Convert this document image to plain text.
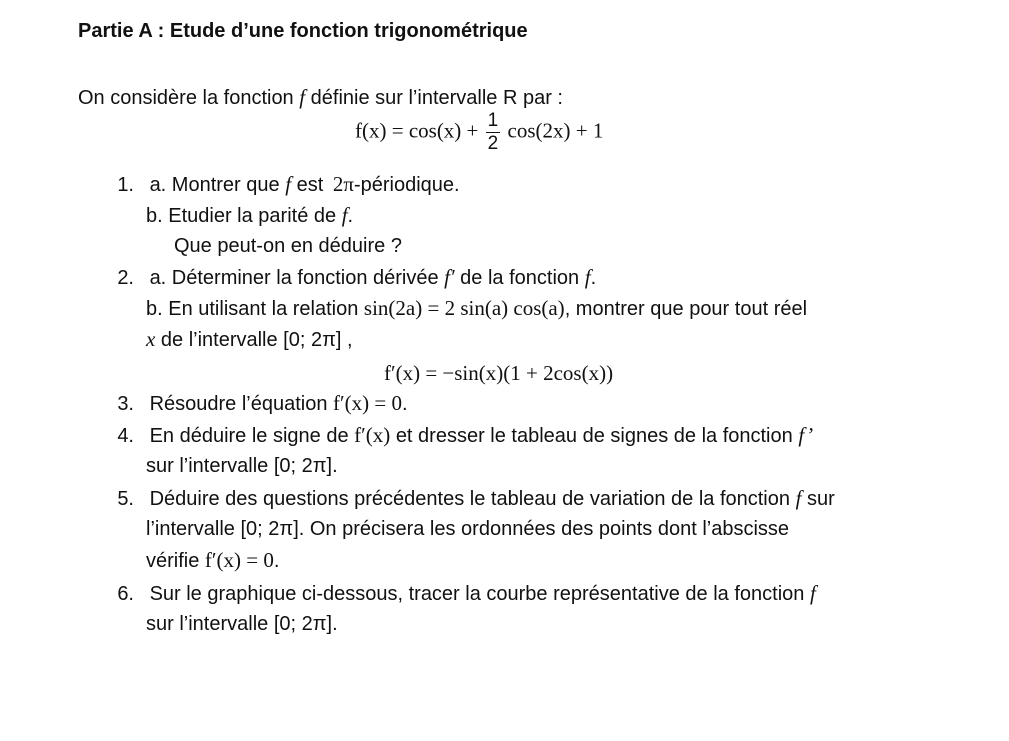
Partie A : Etude d’une fonction trigonométrique
On considère la fonction f définie sur l’intervalle R par :
$f(x) = \cos(x) + \frac{1}{2} \cos(2x) + 1$
1. a. Montrer que f est 2π-périodique.
b. Etudier la parité de f.
Que peut-on en déduire ?
2. a. Déterminer la fonction dérivée f′ de la fonction f.
b. En utilisant la relation sin(2a) = 2 sin(a) cos(a), montrer que pour tout réel
x de l’intervalle [0; 2π] ,
f′(x) = −sin(x)(1 + 2cos(x))
3. Résoudre l’équation f′(x) = 0.
4. En déduire le signe de f′(x) et dresser le tableau de signes de la fonction f’
sur l’intervalle [0; 2π].
5. Déduire des questions précédentes le tableau de variation de la fonction f sur
l’intervalle [0; 2π]. On précisera les ordonnées des points dont l’abscisse
vérifie f′(x) = 0.
6. Sur le graphique ci-dessous, tracer la courbe représentative de la fonction f
sur l’intervalle [0; 2π].
